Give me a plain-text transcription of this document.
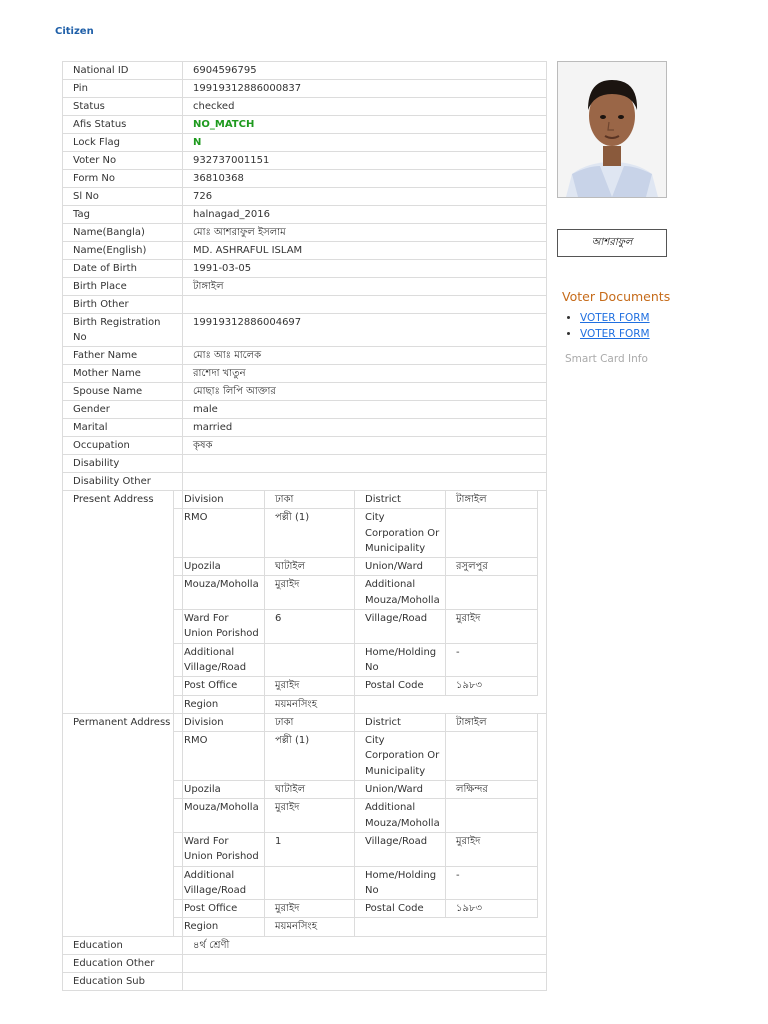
Citizen
National ID	6904596795
Pin	19919312886000837
Status	checked
Afis Status	NO_MATCH
Lock Flag	N
Voter No	932737001151
Form No	36810368
Sl No	726
Tag	halnagad_2016
Name(Bangla)	মোঃ আশরাফুল ইসলাম
Name(English)	MD. ASHRAFUL ISLAM
Date of Birth	1991-03-05
Birth Place	টাঙ্গাইল
Birth Other	
Birth Registration No	19919312886004697
Father Name	মোঃ আঃ মালেক
Mother Name	রাশেদা খাতুন
Spouse Name	মোছাঃ লিপি আক্তার
Gender	male
Marital	married
Occupation	কৃষক
Disability	
Disability Other	
Present Address		Division	ঢাকা	District	টাঙ্গাইল
RMO	পল্লী (1)	City Corporation Or Municipality	
Upozila	ঘাটাইল	Union/Ward	রসুলপুর
Mouza/Moholla	মুরাইদ	Additional Mouza/Moholla	
Ward For Union Porishod	6	Village/Road	মুরাইদ
Additional Village/Road		Home/Holding No	-
Post Office	মুরাইদ	Postal Code	১৯৮৩
Region	ময়মনসিংহ	

Permanent Address	Division	ঢাকা	District	টাঙ্গাইল
RMO	পল্লী (1)	City Corporation Or Municipality	
Upozila	ঘাটাইল	Union/Ward	লক্ষিন্দর
Mouza/Moholla	মুরাইদ	Additional Mouza/Moholla	
Ward For Union Porishod	1	Village/Road	মুরাইদ
Additional Village/Road		Home/Holding No	-
Post Office	মুরাইদ	Postal Code	১৯৮৩
Region	ময়মনসিংহ	

Education	৪র্থ শ্রেণী
Education Other	
Education Sub	
আশরাফুল
Voter Documents
• VOTER FORM
• VOTER FORM
Smart Card Info
